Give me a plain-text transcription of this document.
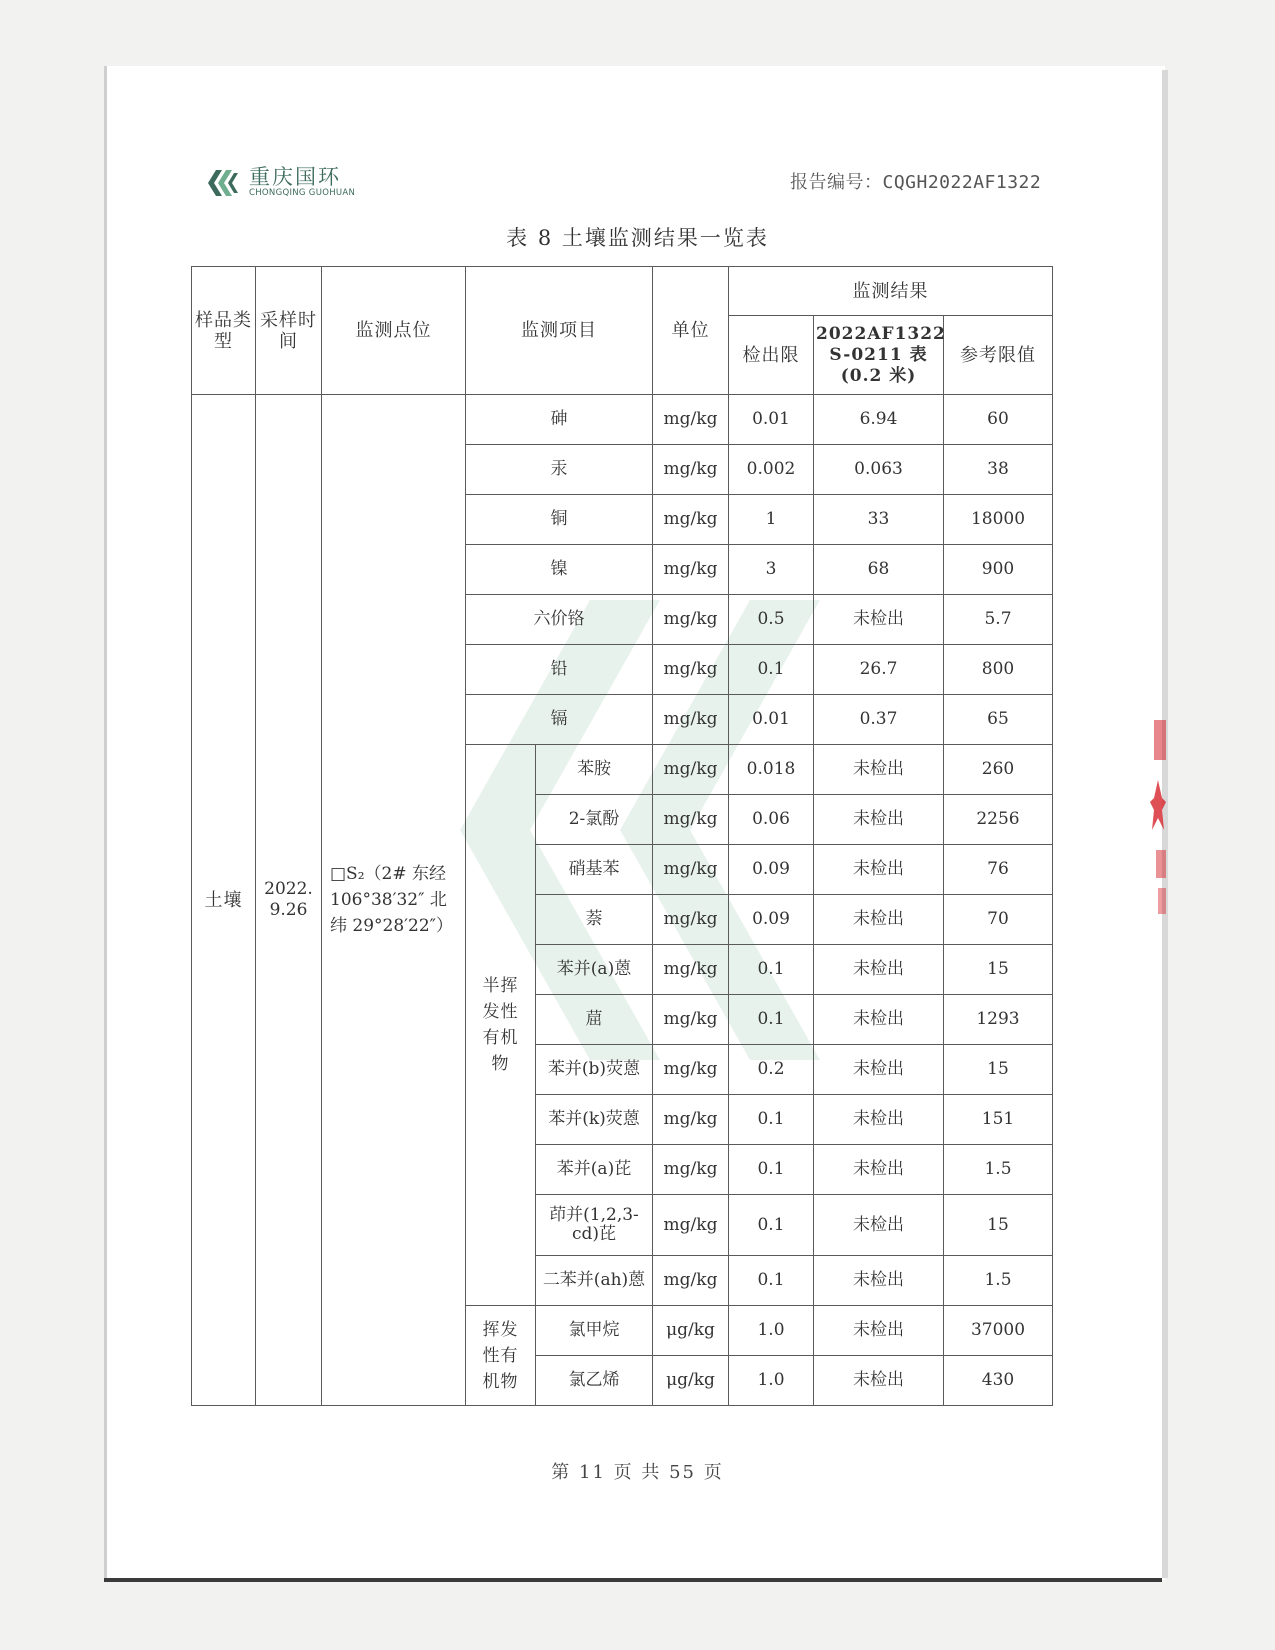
重庆国环
CHONGQING GUOHUAN	报告编号：CQGH2022AF1322
表 8 土壤监测结果一览表
样品类型	采样时间	监测点位	监测项目		单位	监测结果		
						检出限	2022AF1322 S-0211 表 (0.2 米)	参考限值
土壤	2022. 9.26	□S₂（2# 东经 106°38′32″ 北纬 29°28′22″）	砷		mg/kg	0.01	6.94	60
			汞		mg/kg	0.002	0.063	38
			铜		mg/kg	1	33	18000
			镍		mg/kg	3	68	900
			六价铬		mg/kg	0.5	未检出	5.7
			铅		mg/kg	0.1	26.7	800
			镉		mg/kg	0.01	0.37	65
			半挥发性有机物	苯胺	mg/kg	0.018	未检出	260
				2-氯酚	mg/kg	0.06	未检出	2256
				硝基苯	mg/kg	0.09	未检出	76
				萘	mg/kg	0.09	未检出	70
				苯并(a)蒽	mg/kg	0.1	未检出	15
				䓛	mg/kg	0.1	未检出	1293
				苯并(b)荧蒽	mg/kg	0.2	未检出	15
				苯并(k)荧蒽	mg/kg	0.1	未检出	151
				苯并(a)芘	mg/kg	0.1	未检出	1.5
				茚并(1,2,3-cd)芘	mg/kg	0.1	未检出	15
				二苯并(ah)蒽	mg/kg	0.1	未检出	1.5
			挥发性有机物	氯甲烷	μg/kg	1.0	未检出	37000
				氯乙烯	μg/kg	1.0	未检出	430
第 11 页 共 55 页
